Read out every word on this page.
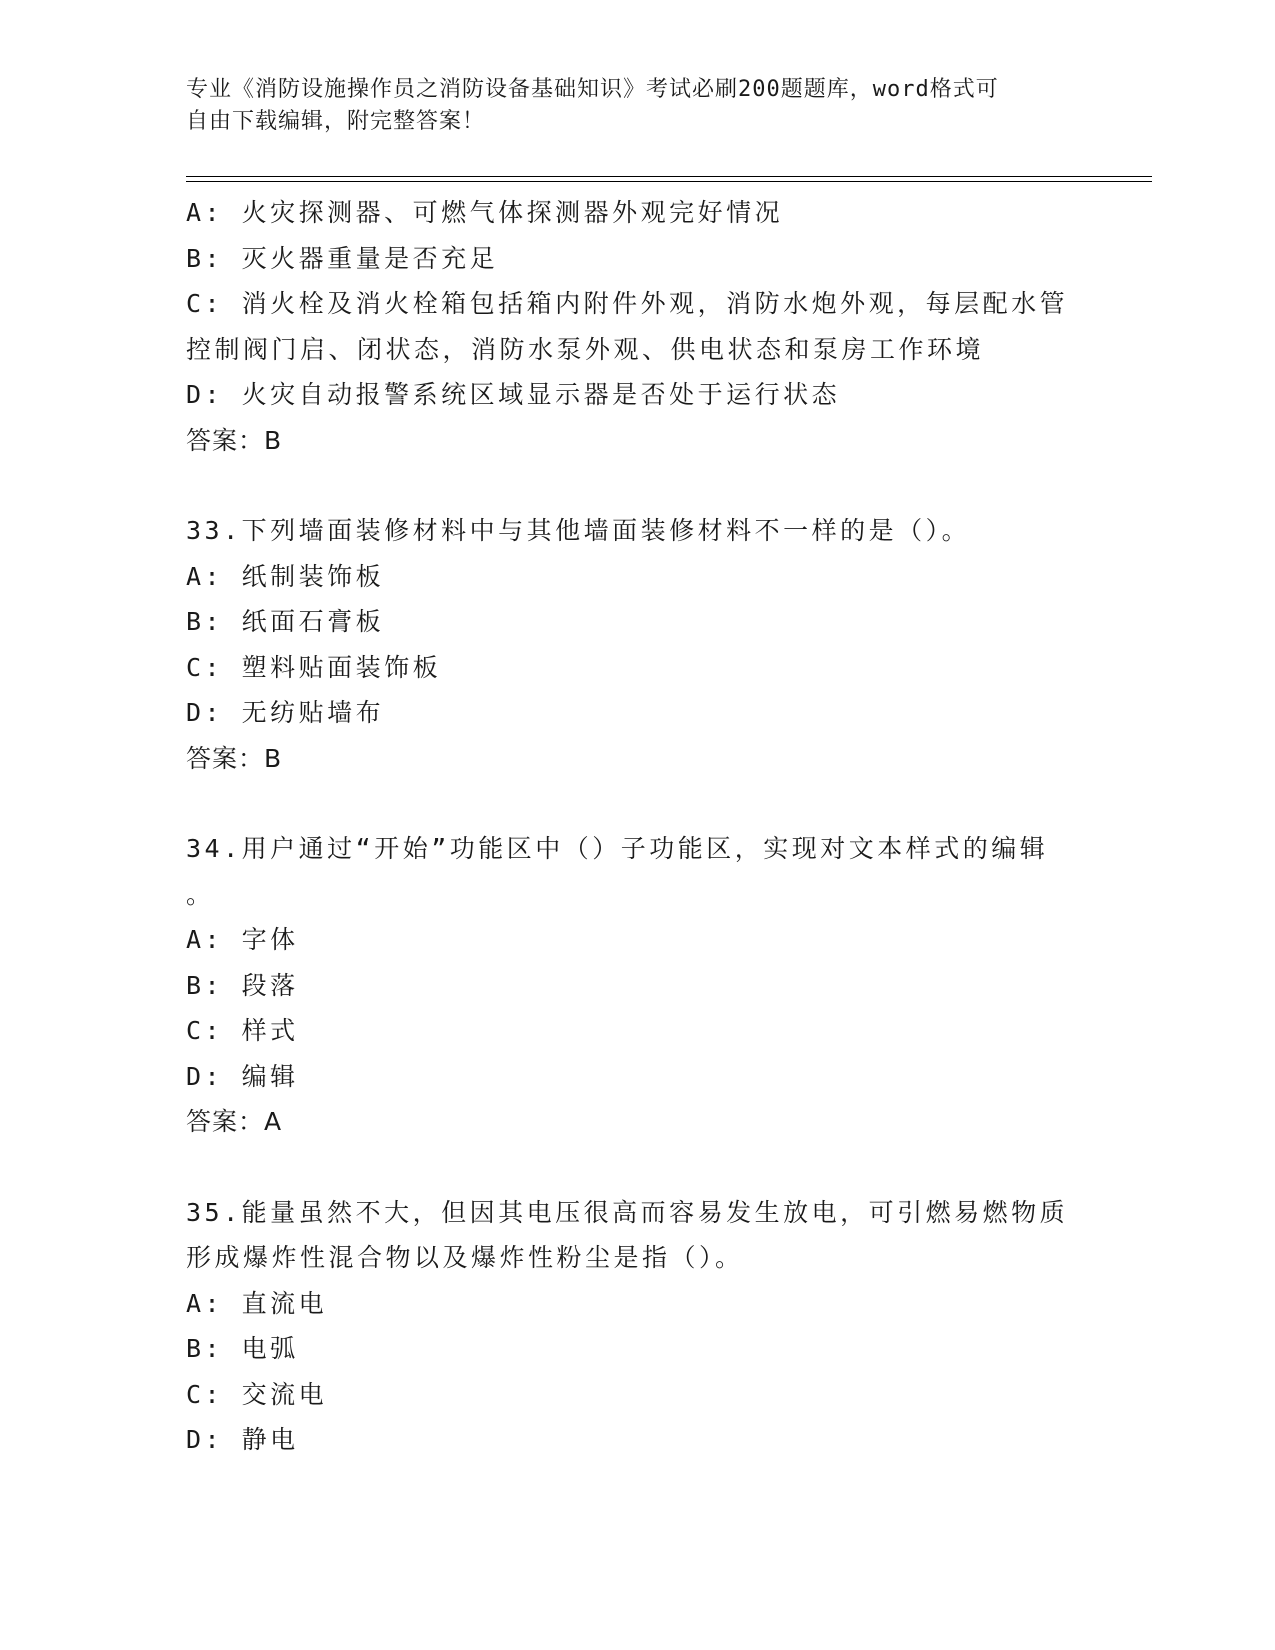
专业《消防设施操作员之消防设备基础知识》考试必刷200题题库，word格式可
自由下载编辑，附完整答案！
A: 火灾探测器、可燃气体探测器外观完好情况
B: 灭火器重量是否充足
C: 消火栓及消火栓箱包括箱内附件外观，消防水炮外观，每层配水管
控制阀门启、闭状态，消防水泵外观、供电状态和泵房工作环境
D: 火灾自动报警系统区域显示器是否处于运行状态
答案：B
33.下列墙面装修材料中与其他墙面装修材料不一样的是（）。
A: 纸制装饰板
B: 纸面石膏板
C: 塑料贴面装饰板
D: 无纺贴墙布
答案：B
34.用户通过“开始”功能区中（）子功能区，实现对文本样式的编辑
。
A: 字体
B: 段落
C: 样式
D: 编辑
答案：A
35.能量虽然不大，但因其电压很高而容易发生放电，可引燃易燃物质
形成爆炸性混合物以及爆炸性粉尘是指（）。
A: 直流电
B: 电弧
C: 交流电
D: 静电
